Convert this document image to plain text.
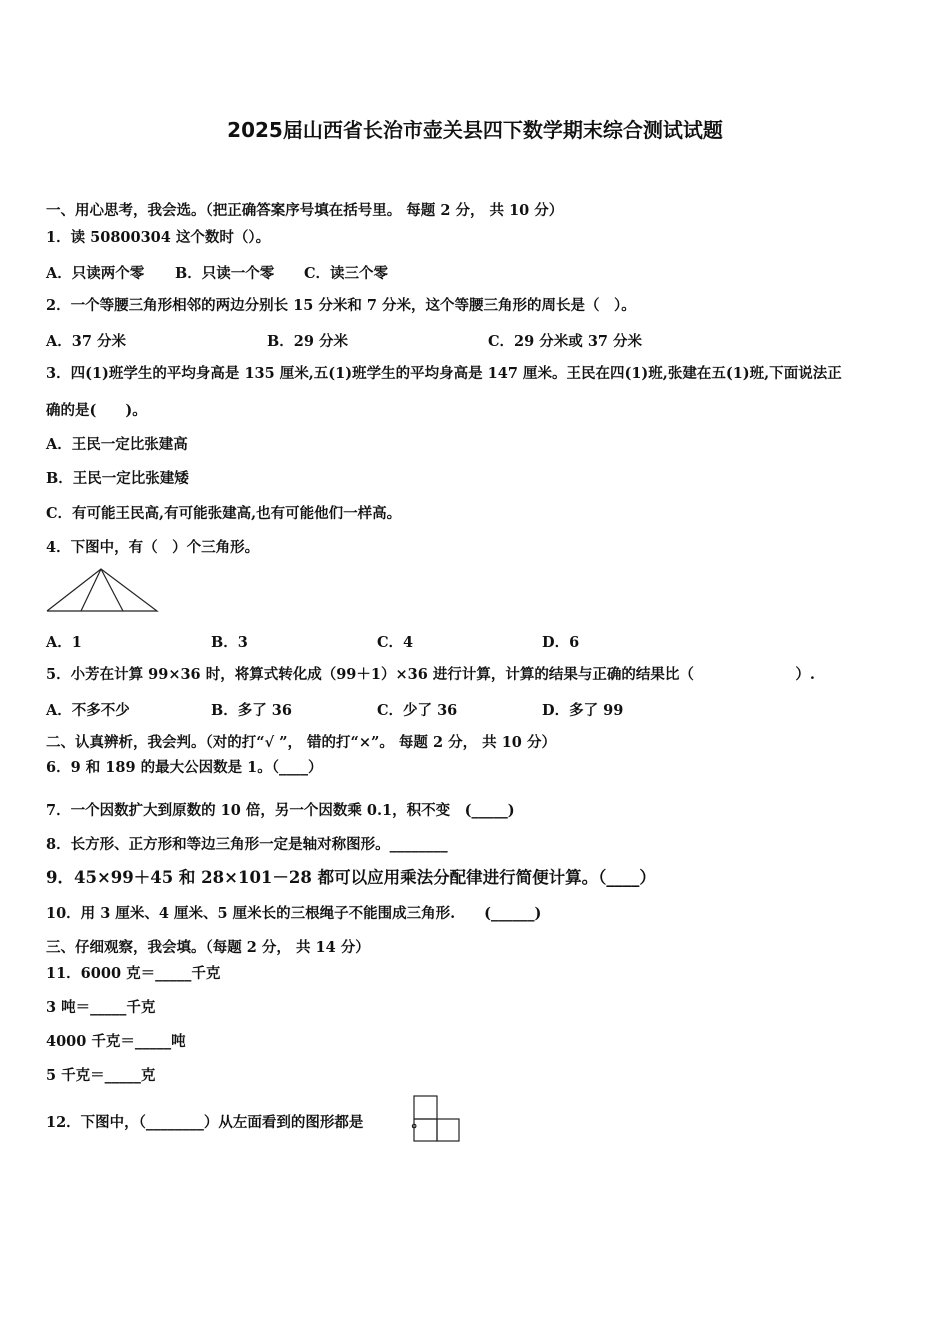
2025届山西省长治市壶关县四下数学期末综合测试试题
一、用心思考，我会选。（把正确答案序号填在括号里。 每题 2 分， 共 10 分）
1．读 50800304 这个数时（）。
A．只读两个零 B．只读一个零 C．读三个零
2．一个等腰三角形相邻的两边分别长 15 分米和 7 分米，这个等腰三角形的周长是（　）。
A．37 分米	B．29 分米	C．29 分米或 37 分米
3．四(1)班学生的平均身高是 135 厘米,五(1)班学生的平均身高是 147 厘米。王民在四(1)班,张建在五(1)班,下面说法正
确的是(　　)。
A．王民一定比张建高
B．王民一定比张建矮
C．有可能王民高,有可能张建高,也有可能他们一样高。
4．下图中，有（　）个三角形。
A．1	B．3	C．4	D．6
5．小芳在计算 99×36 时，将算式转化成（99＋1）×36 进行计算，计算的结果与正确的结果比（　　　　　　　）.
A．不多不少	B．多了 36	C．少了 36	D．多了 99
二、认真辨析，我会判。（对的打“√ ”， 错的打“×”。 每题 2 分， 共 10 分）
6．9 和 189 的最大公因数是 1。（____）
7．一个因数扩大到原数的 10 倍，另一个因数乘 0.1，积不变　(_____)
8．长方形、正方形和等边三角形一定是轴对称图形。________
9．45×99＋45 和 28×101－28 都可以应用乘法分配律进行简便计算。（____）
10．用 3 厘米、4 厘米、5 厘米长的三根绳子不能围成三角形.　　(______)
三、仔细观察，我会填。（每题 2 分， 共 14 分）
11．6000 克＝_____千克
3 吨＝_____千克
4000 千克＝_____吨
5 千克＝_____克
12．下图中，（________）从左面看到的图形都是	。
